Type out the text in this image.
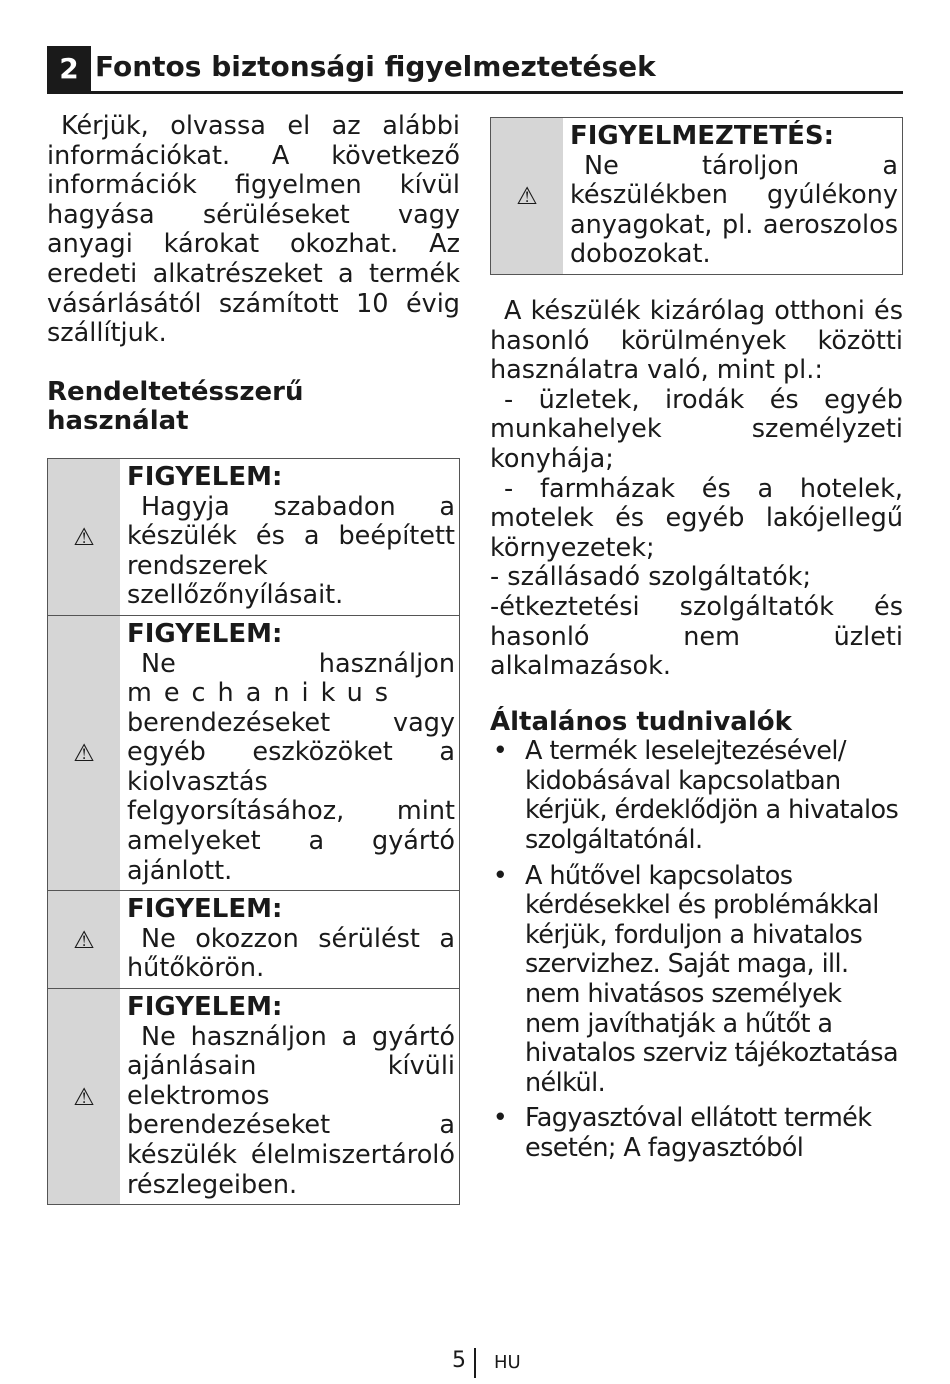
2 Fontos biztonsági figyelmeztetések

Kérjük, olvassa el az alábbi információkat. A következő információk figyelmen kívül hagyása sérüléseket vagy anyagi károkat okozhat. Az eredeti alkatrészeket a termék vásárlásától számított 10 évig szállítjuk.

Rendeltetésszerű használat
⚠
FIGYELEM:
Hagyja szabadon a készülék és a beépített rendszerek szellőzőnyílásait.
⚠
FIGYELEM:
Ne használjon
mechanikus
berendezéseket vagy egyéb eszközöket a kiolvasztás felgyorsításához, mint amelyeket a gyártó ajánlott.
⚠
FIGYELEM:
Ne okozzon sérülést a hűtőkörön.
⚠
FIGYELEM:
Ne használjon a gyártó ajánlásain kívüli elektromos berendezéseket a készülék élelmiszertároló részlegeiben.
⚠
FIGYELMEZTETÉS:
Ne tároljon a készülékben gyúlékony anyagokat, pl. aeroszolos dobozokat.

A készülék kizárólag otthoni és hasonló körülmények közötti használatra való, mint pl.:

- üzletek, irodák és egyéb munkahelyek személyzeti konyhája;

- farmházak és a hotelek, motelek és egyéb lakójellegű környezetek;

- szállásadó szolgáltatók;

-étkeztetési szolgáltatók és hasonló nem üzleti alkalmazások.

Általános tudnivalók
• A termék leselejtezésével/ kidobásával kapcsolatban kérjük, érdeklődjön a hivatalos szolgáltatónál.
• A hűtővel kapcsolatos kérdésekkel és problémákkal kérjük, forduljon a hivatalos szervizhez. Saját maga, ill. nem hivatásos személyek nem javíthatják a hűtőt a hivatalos szerviz tájékoztatása nélkül.
• Fagyasztóval ellátott termék esetén; A fagyasztóból
5 HU
